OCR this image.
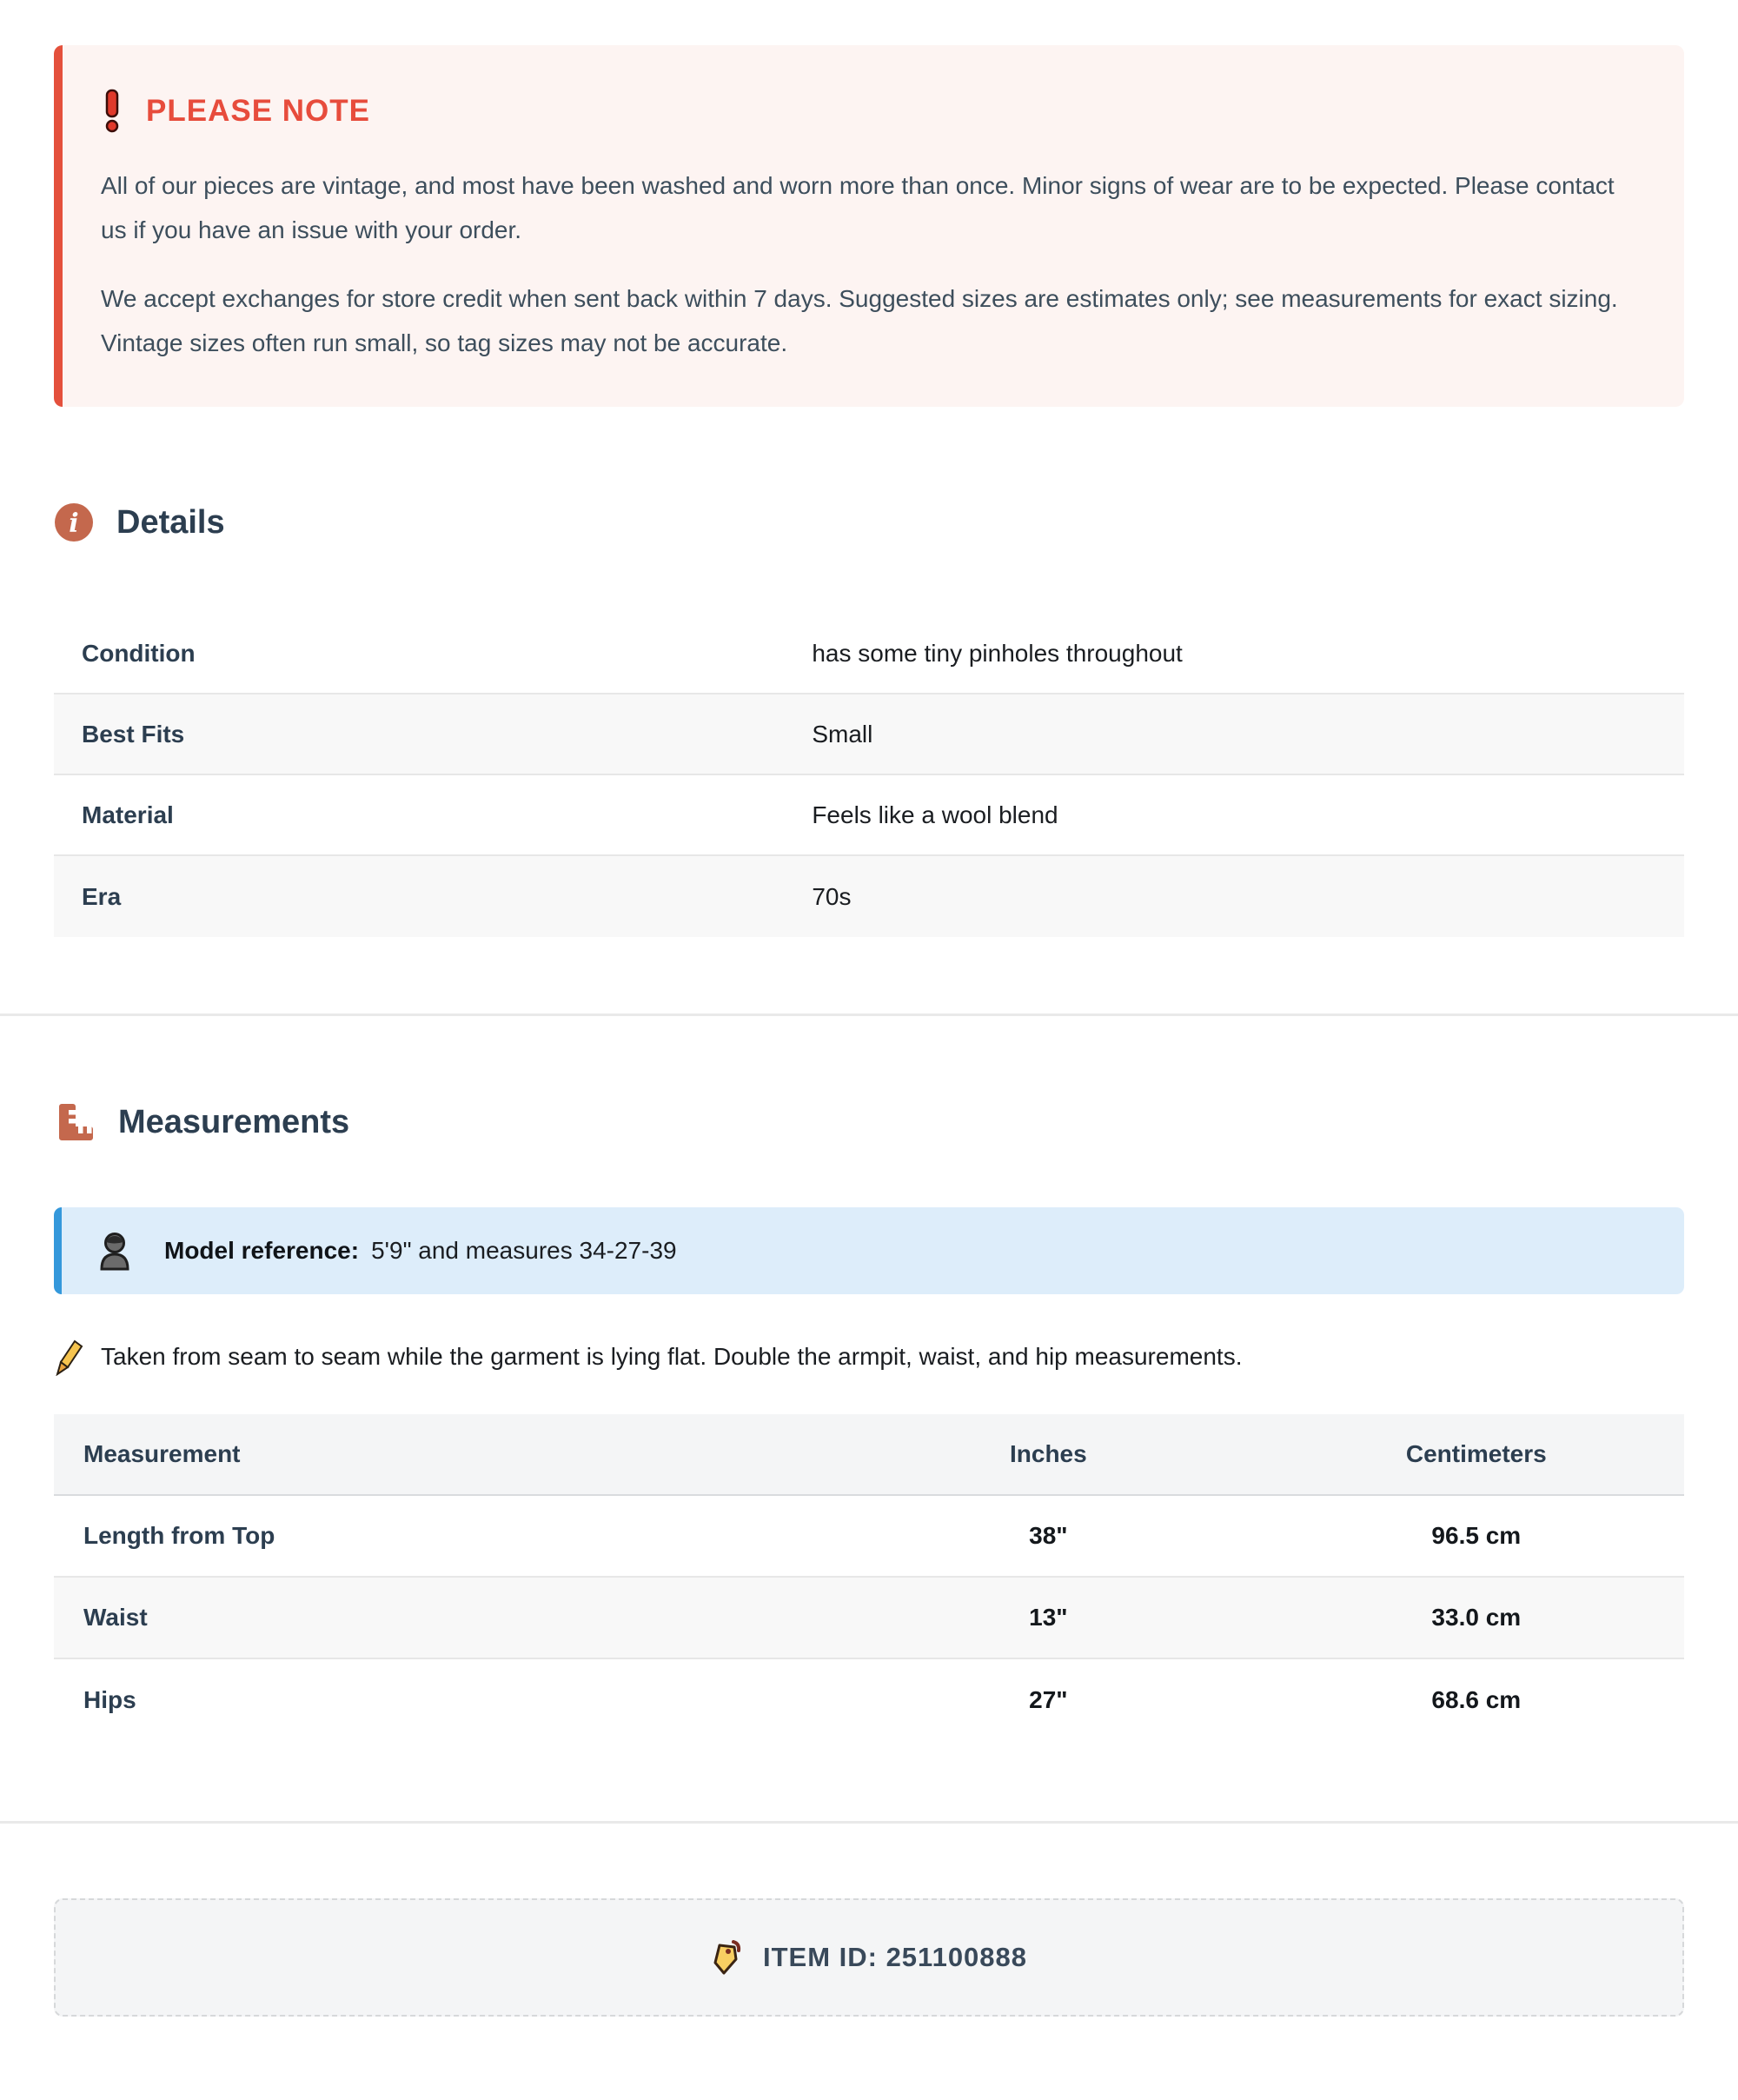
PLEASE NOTE

All of our pieces are vintage, and most have been washed and worn more than once. Minor signs of wear are to be expected. Please contact us if you have an issue with your order.

We accept exchanges for store credit when sent back within 7 days. Suggested sizes are estimates only; see measurements for exact sizing. Vintage sizes often run small, so tag sizes may not be accurate.

i Details
Condition	has some tiny pinholes throughout
Best Fits	Small
Material	Feels like a wool blend
Era	70s
Measurements
Model reference: 5'9" and measures 34-27-39
Taken from seam to seam while the garment is lying flat. Double the armpit, waist, and hip measurements.
Measurement	Inches	Centimeters
Length from Top	38"	96.5 cm
Waist	13"	33.0 cm
Hips	27"	68.6 cm
ITEM ID: 251100888
